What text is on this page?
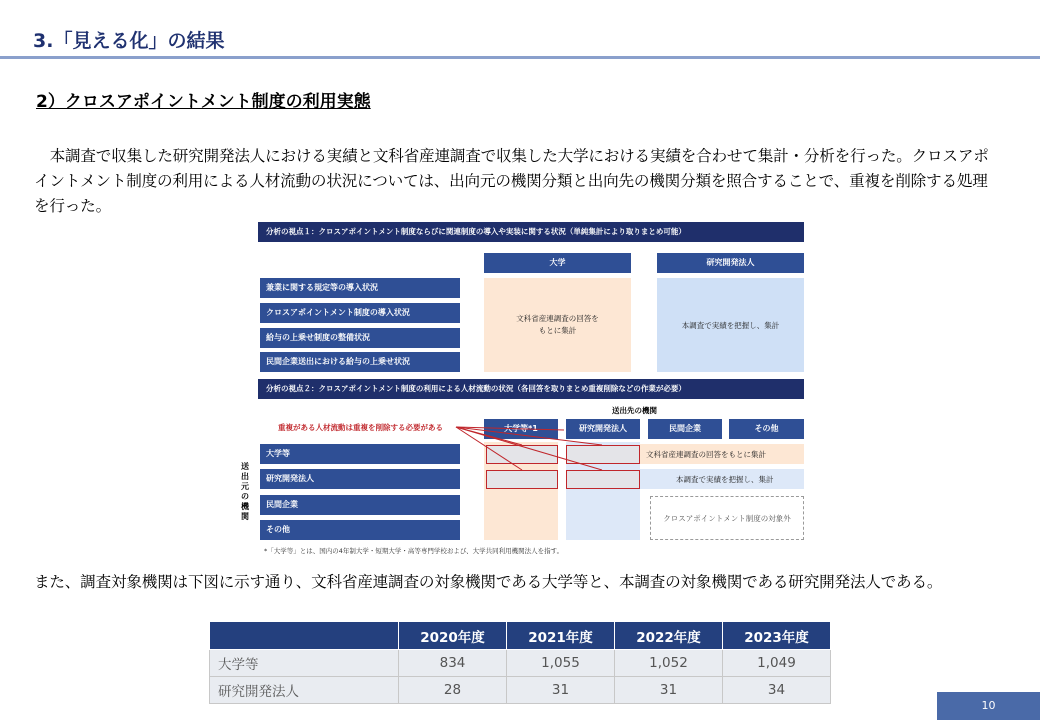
3.「見える化」の結果
2）クロスアポイントメント制度の利用実態
本調査で収集した研究開発法人における実績と文科省産連調査で収集した大学における実績を合わせて集計・分析を行った。クロスアポイントメント制度の利用による人材流動の状況については、出向元の機関分類と出向先の機関分類を照合することで、重複を削除する処理を行った。
分析の視点１：クロスアポイントメント制度ならびに関連制度の導入や実装に関する状況（単純集計により取りまとめ可能）
大学	研究開発法人
兼業に関する規定等の導入状況
クロスアポイントメント制度の導入状況
給与の上乗せ制度の整備状況
民間企業送出における給与の上乗せ状況
文科省産連調査の回答を
もとに集計
本調査で実績を把握し、集計
分析の視点２：クロスアポイントメント制度の利用による人材流動の状況（各回答を取りまとめ重複削除などの作業が必要）
送出先の機関
大学等*1	研究開発法人	民間企業	その他
重複がある人材流動は重複を削除する必要がある
送出元の機関
大学等
研究開発法人
民間企業
その他
文科省産連調査の回答をもとに集計
本調査で実績を把握し、集計
クロスアポイントメント制度の対象外
*「大学等」とは、国内の4年制大学・短期大学・高等専門学校および、大学共同利用機関法人を指す。
また、調査対象機関は下図に示す通り、文科省産連調査の対象機関である大学等と、本調査の対象機関である研究開発法人である。
	2020年度	2021年度	2022年度	2023年度
大学等	834	1,055	1,052	1,049
研究開発法人	28	31	31	34
10
